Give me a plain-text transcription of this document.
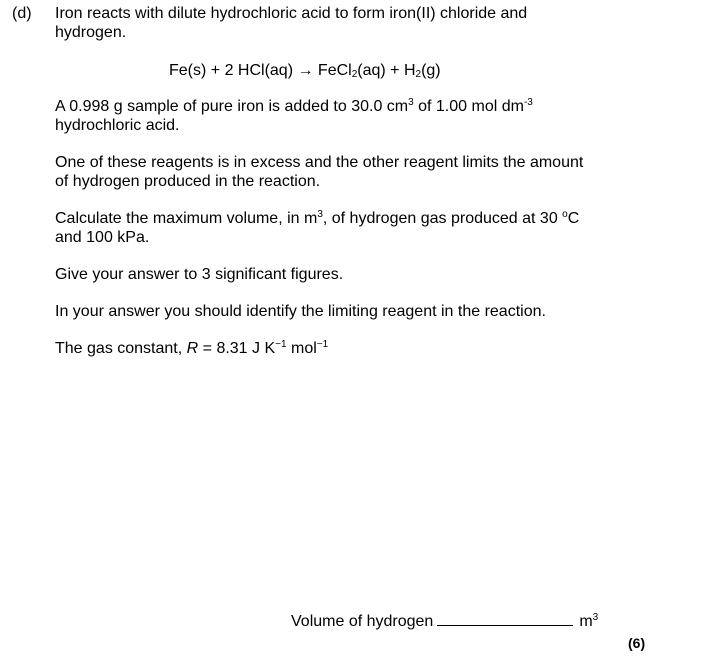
(d) Iron reacts with dilute hydrochloric acid to form iron(II) chloride and
hydrogen.
Fe(s) + 2 HCl(aq) → FeCl$_2$(aq) + $H_2(g)$
A 0.998 g sample of pure iron is added to 30.0 $cm^3$ of 1.00 mol $dm^{-3}$
hydrochloric acid.
One of these reagents is in excess and the other reagent limits the amount
of hydrogen produced in the reaction.
Calculate the maximum volume, in $m^3$, of hydrogen gas produced at 30 $^o$C
and 100 kPa.
Give your answer to 3 significant figures.
In your answer you should identify the limiting reagent in the reaction.
The gas constant, R = 8.31 J $K^{-1}$ mol$^{-1}$
Volume of hydrogen	$m^3$
(6)
